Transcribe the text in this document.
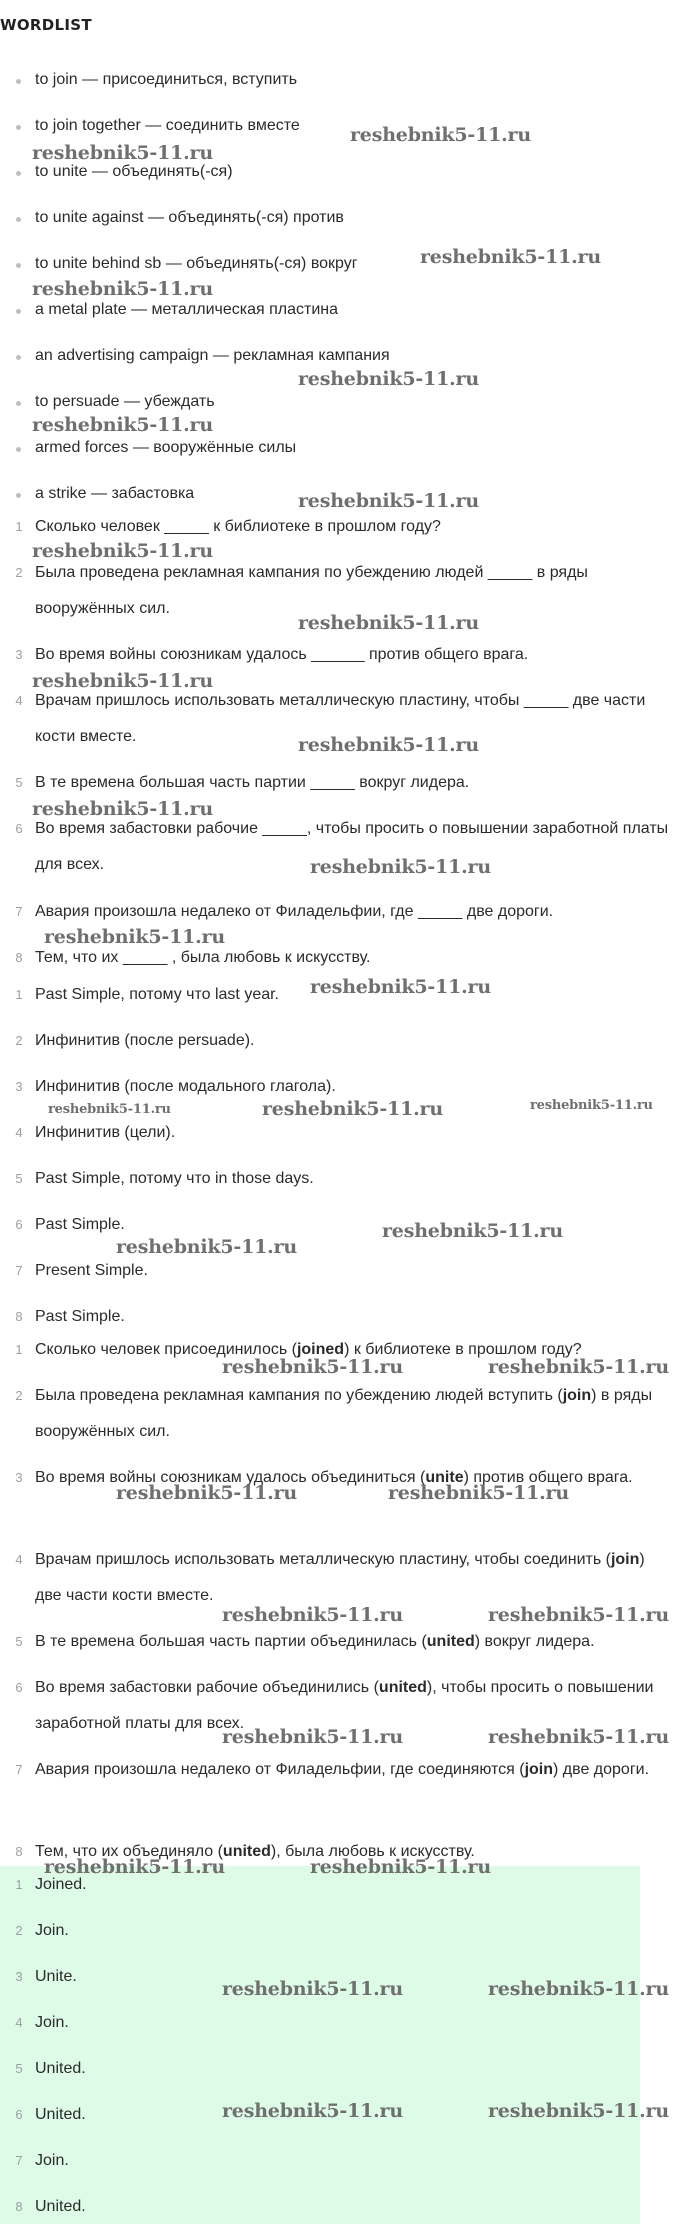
WORDLIST
to join — присоединиться, вступить
to join together — соединить вместе
to unite — объединять(-ся)
to unite against — объединять(-ся) против
to unite behind sb — объединять(-ся) вокруг
a metal plate — металлическая пластина
an advertising campaign — рекламная кампания
to persuade — убеждать
armed forces — вооружённые силы
a strike — забастовка
1 Сколько человек _____ к библиотеке в прошлом году?
2 Была проведена рекламная кампания по убеждению людей _____ в ряды вооружённых сил.
3 Во время войны союзникам удалось ______ против общего врага.
4 Врачам пришлось использовать металлическую пластину, чтобы _____ две части кости вместе.
5 В те времена большая часть партии _____ вокруг лидера.
6 Во время забастовки рабочие _____, чтобы просить о повышении заработной платы для всех.
7 Авария произошла недалеко от Филадельфии, где _____ две дороги.
8 Тем, что их _____ , была любовь к искусству.
1 Past Simple, потому что last year.
2 Инфинитив (после persuade).
3 Инфинитив (после модального глагола).
4 Инфинитив (цели).
5 Past Simple, потому что in those days.
6 Past Simple.
7 Present Simple.
8 Past Simple.
1 Сколько человек присоединилось (joined) к библиотеке в прошлом году?
2 Была проведена рекламная кампания по убеждению людей вступить (join) в ряды вооружённых сил.
3 Во время войны союзникам удалось объединиться (unite) против общего врага.
4 Врачам пришлось использовать металлическую пластину, чтобы соединить (join) две части кости вместе.
5 В те времена большая часть партии объединилась (united) вокруг лидера.
6 Во время забастовки рабочие объединились (united), чтобы просить о повышении заработной платы для всех.
7 Авария произошла недалеко от Филадельфии, где соединяются (join) две дороги.
8 Тем, что их объединяло (united), была любовь к искусству.
1 Joined.
2 Join.
3 Unite.
4 Join.
5 United.
6 United.
7 Join.
8 United.
reshebnik5-11.ru
reshebnik5-11.ru
reshebnik5-11.ru
reshebnik5-11.ru
reshebnik5-11.ru
reshebnik5-11.ru
reshebnik5-11.ru
reshebnik5-11.ru
reshebnik5-11.ru
reshebnik5-11.ru
reshebnik5-11.ru
reshebnik5-11.ru
reshebnik5-11.ru
reshebnik5-11.ru
reshebnik5-11.ru
reshebnik5-11.ru	reshebnik5-11.ru	reshebnik5-11.ru
reshebnik5-11.ru
reshebnik5-11.ru
reshebnik5-11.ru	reshebnik5-11.ru
reshebnik5-11.ru	reshebnik5-11.ru
reshebnik5-11.ru	reshebnik5-11.ru
reshebnik5-11.ru	reshebnik5-11.ru
reshebnik5-11.ru	reshebnik5-11.ru
reshebnik5-11.ru	reshebnik5-11.ru
reshebnik5-11.ru	reshebnik5-11.ru
